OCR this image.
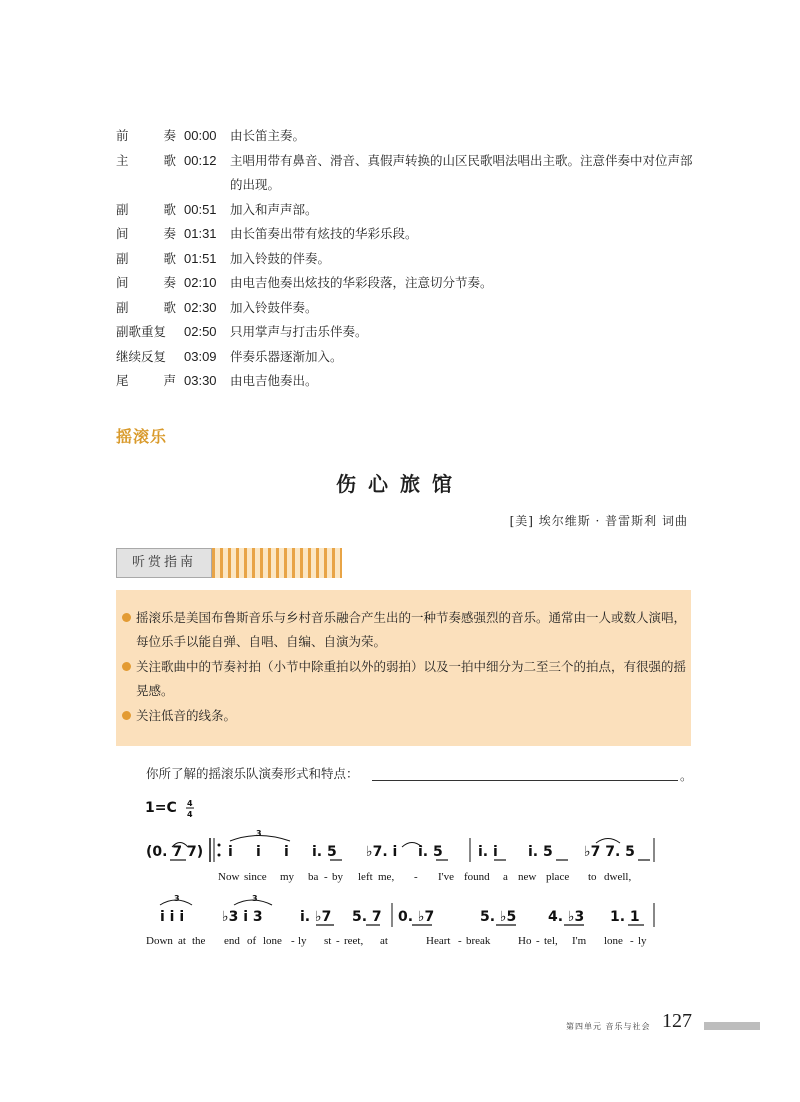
前	奏 00:00 由长笛主奏。
主	歌 00:12 主唱用带有鼻音、滑音、真假声转换的山区民歌唱法唱出主歌。注意伴奏中对位声部的出现。
副	歌 00:51 加入和声声部。
间	奏 01:31 由长笛奏出带有炫技的华彩乐段。
副	歌 01:51 加入铃鼓的伴奏。
间	奏 02:10 由电吉他奏出炫技的华彩段落，注意切分节奏。
副	歌 02:30 加入铃鼓伴奏。
副歌重复	02:50 只用掌声与打击乐伴奏。
继续反复	03:09 伴奏乐器逐渐加入。
尾	声 03:30 由电吉他奏出。
摇滚乐
伤心旅馆
[美] 埃尔维斯 · 普雷斯利 词曲
听赏指南
摇滚乐是美国布鲁斯音乐与乡村音乐融合产生出的一种节奏感强烈的音乐。通常由一人或数人演唱，每位乐手以能自弹、自唱、自编、自演为荣。
关注歌曲中的节奏衬拍（小节中除重拍以外的弱拍）以及一拍中细分为二至三个的拍点，有很强的摇晃感。
关注低音的线条。
你所了解的摇滚乐队演奏形式和特点：	。
1=C 4
4
(0. 7 7) i i i
3
i. 5 ♭7. i i. 5	i. i i. 5 ♭7 7. 5
Now since my ba - by left me, - I've found a new place to dwell,
i i i
3
♭3 i 3
3
i. ♭7 5. 7 0. ♭7	5. ♭5 4. ♭3 1. 1
Down at the end of lone - ly st - reet, at	Heart - break	Ho - tel, I'm lone - ly
第四单元 音乐与社会 127
